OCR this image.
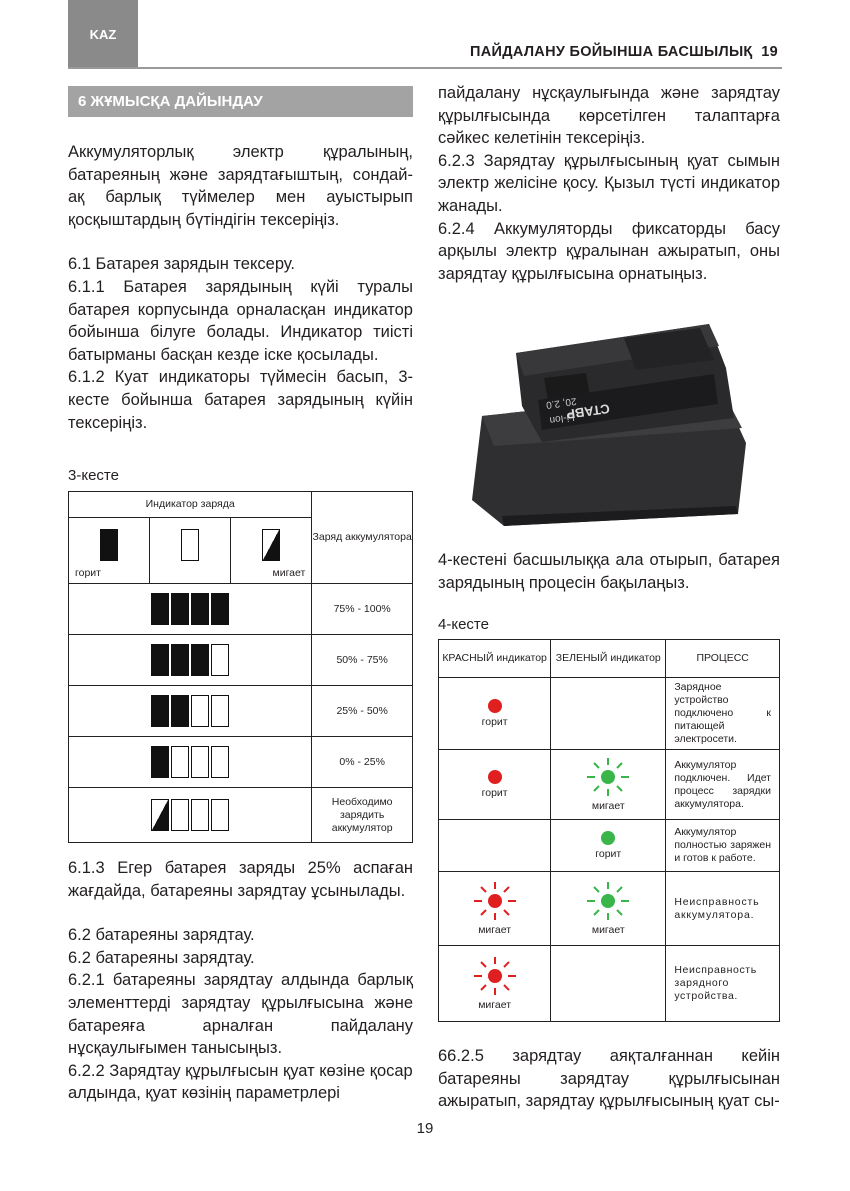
KAZ
ПАЙДАЛАНУ БОЙЫНША БАСШЫЛЫҚ 19
6 ЖҰМЫСҚА ДАЙЫНДАУ

Аккумуляторлық электр құралының, батареяның және зарядтағыштың, сондай-ақ барлық түймелер мен ауыстырып қосқыштардың бүтіндігін тексеріңіз.

6.1 Батарея зарядын тексеру.

6.1.1 Батарея зарядының күйі туралы батарея корпусында орналасқан индикатор бойынша білуге болады. Индикатор тиісті батырманы басқан кезде іске қосылады.

6.1.2 Куат индикаторы түймесін басып, 3-кесте бойынша батарея зарядының күйін тексеріңіз.

3-кесте
Индикатор заряда			Заряд аккумулятора

горит		мигает	

			75% - 100%
			50% - 75%
			25% - 50%
			0% - 25%
			Необходимо зарядить аккумулятор

6.1.3 Егер батарея заряды 25% аспаған жағдайда, батареяны зарядтау ұсынылады.

6.2 батареяны зарядтау.

6.2 батареяны зарядтау.

6.2.1 батареяны зарядтау алдында барлық элементтерді зарядтау құрылғысына және батареяға арналған пайдалану нұсқаулығымен танысыңыз.

6.2.2 Зарядтау құрылғысын қуат көзіне қосар алдында, қуат көзінің параметрлері

пайдалану нұсқаулығында және зарядтау құрылғысында көрсетілген талаптарға сәйкес келетінін тексеріңіз.

6.2.3 Зарядтау құрылғысының қуат сымын электр желісіне қосу. Қызыл түсті индикатор жанады.

6.2.4 Аккумуляторды фиксаторды басу арқылы электр құралынан ажыратып, оны зарядтау құрылғысына орнатыңыз.

СТАВР
Li-Ion
20, 2.0

4-кестені басшылыққа ала отырып, батарея зарядының процесін бақылаңыз.

4-кесте
КРАСНЫЙ индикатор	ЗЕЛЕНЫЙ индикатор	ПРОЦЕСС

горит		Зарядное устройство подключено к питающей электросети.

горит	мигает	Аккумулятор подключен. Идет процесс зарядки аккумулятора.

	горит	Аккумулятор полностью заряжен и готов к работе.

мигает	мигает	Неисправность аккумулятора.

мигает		Неисправность зарядного устройства.

66.2.5 зарядтау аяқталғаннан кейін батареяны зарядтау құрылғысынан ажыратып, зарядтау құрылғысының қуат сы-

19
